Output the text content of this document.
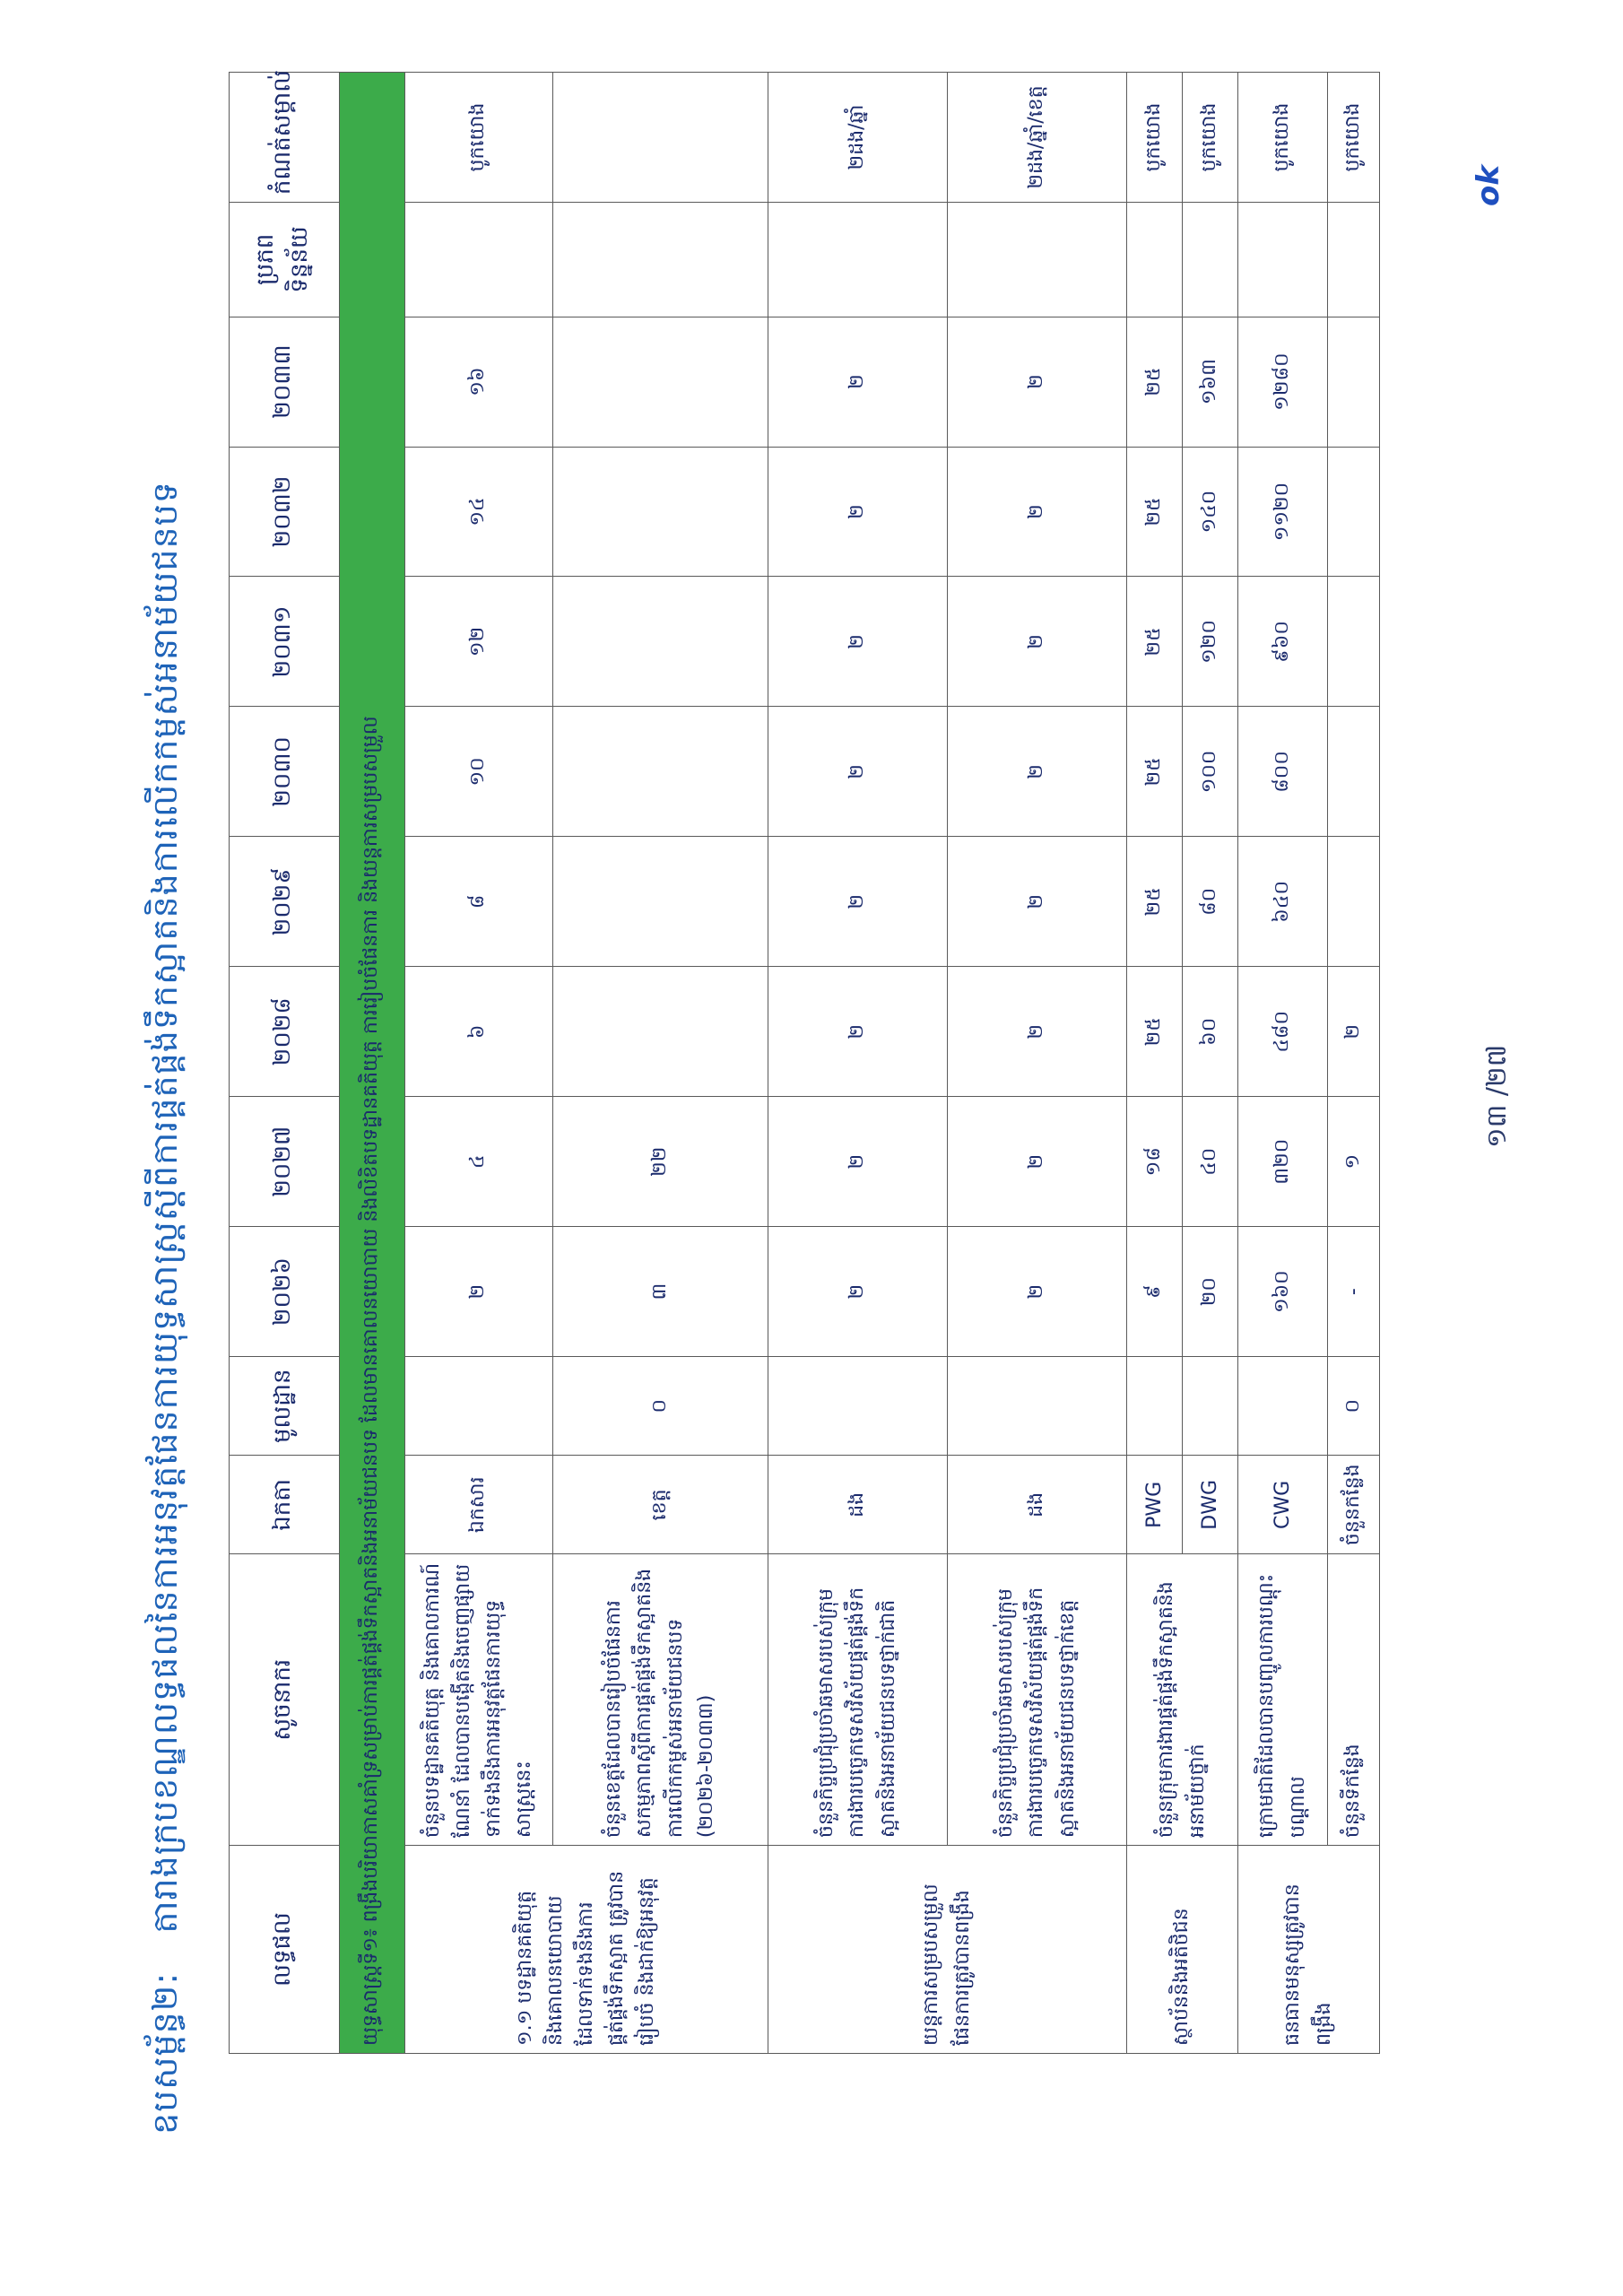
ឧបសម្ព័ន្ធ២: តារាងក្របខណ្ឌលទ្ធផលនៃការអនុវត្តផែនការយុទ្ធសាស្រ្តស្តីពីការផ្គត់ផ្គង់ទឹកស្អាតនិងការលើកកម្ពស់អនាម័យជនបទ
លទ្ធផល	សូចនាករ	ឯកតា	មូលដ្ឋាន	២០២៦	២០២៧	២០២៨	២០២៩	២០៣០	២០៣១	២០៣២	២០៣៣	ប្រភពទិន្នន័យ	កំណត់សម្គាល់
យុទ្ធសាស្រ្តទី១៖ ពង្រឹងបរិយាកាសគាំទ្រសម្រាប់ការផ្គត់ផ្គង់ទឹកស្អាតនិងអនាម័យជនបទ ដែលមានគោលនយោបាយ និងលិខិតបទដ្ឋានគតិយុត្ត ការរៀបចំផែនការ និងយន្តការសម្របសម្រួល													
១.១ បទដ្ឋានគតិយុត្ត និងគោលនយោបាយ ដែលទាក់ទងនឹងការផ្គត់ផ្គង់ទឹកស្អាត ត្រូវបានរៀបចំ និងដាក់ឱ្យអនុវត្ត	ចំនួនបទដ្ឋានគតិយុត្ត និងគោលការណ៍ណែនាំ ដែលបានបង្កើតនិងចេញផ្សាយ ទាក់ទងនឹងការអនុវត្តផែនការយុទ្ធសាស្រ្តនេះ	ឯកសារ		២	៤	៦	៨	១០	១២	១៤	១៦		បូកយោង
	ចំនួនខេត្តដែលបានរៀបចំផែនការសកម្មភាពស្តីពីការផ្គត់ផ្គង់ទឹកស្អាតនិងការលើកកម្ពស់អនាម័យជនបទ (២០២៦-២០៣៣)	ខេត្ត	០	៣	២២								
យន្តការសម្របសម្រួលផែនការត្រូវបានពង្រឹង	ចំនួនកិច្ចប្រជុំប្រចាំឆមាសរបស់ក្រុមការងារបច្ចេកទេសវិស័យផ្គត់ផ្គង់ទឹកស្អាតនិងអនាម័យជនបទថ្នាក់ជាតិ	ដង		២	២	២	២	២	២	២	២		២ដង/ឆ្នាំ
	ចំនួនកិច្ចប្រជុំប្រចាំឆមាសរបស់ក្រុមការងារបច្ចេកទេសវិស័យផ្គត់ផ្គង់ទឹកស្អាតនិងអនាម័យជនបទថ្នាក់ខេត្ត	ដង		២	២	២	២	២	២	២	២		២ដង/ឆ្នាំ/ខេត្ត
ស្ថាប័ននិងអតិថិជន	ចំនួនក្រុមការងារផ្គត់ផ្គង់ទឹកស្អាតនិងអនាម័យថ្នាក់	PWG		៩	១៨	២៥	២៥	២៥	២៥	២៥	២៥		បូកយោង
		DWG		២០	៤០	៦០	៨០	១០០	១២០	១៤០	១៦៣		បូកយោង
ធនធានមនុស្សត្រូវបានពង្រឹង	ក្រោមជាតិដែលបានបញ្ចូលការបណ្តុះបណ្តាល	CWG		១៦០	៣២០	៤៨០	៦៤០	៨០០	៩៦០	១១២០	១២៨០		បូកយោង
	ចំនួនទីកន្លែង	ចំនួនកន្លែង	០	-	១	២							បូកយោង
១៣ /២៧
ok
